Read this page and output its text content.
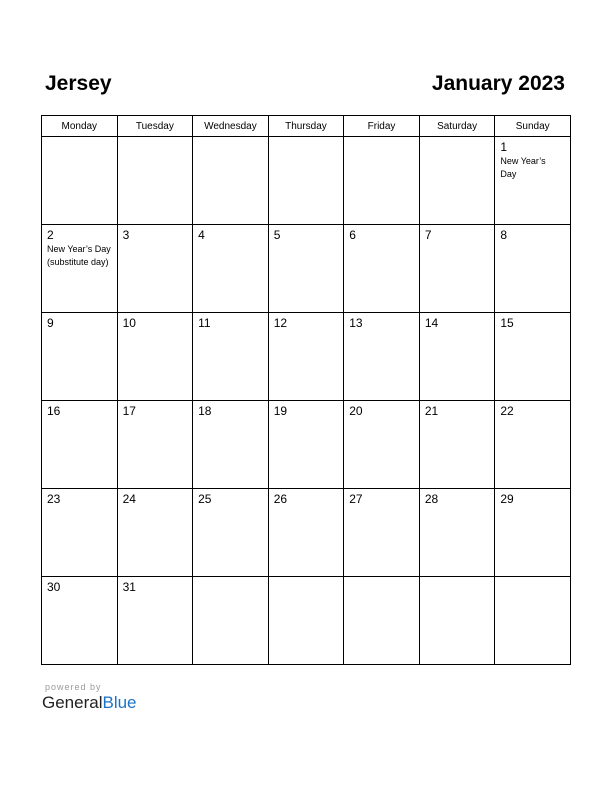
Jersey	January 2023
Monday	Tuesday	Wednesday	Thursday	Friday	Saturday	Sunday

						1
New Year’s
Day

2
New Year’s Day
(substitute day)	3	4	5	6	7	8

9	10	11	12	13	14	15

16	17	18	19	20	21	22

23	24	25	26	27	28	29

30	31					

powered by
GeneralBlue
